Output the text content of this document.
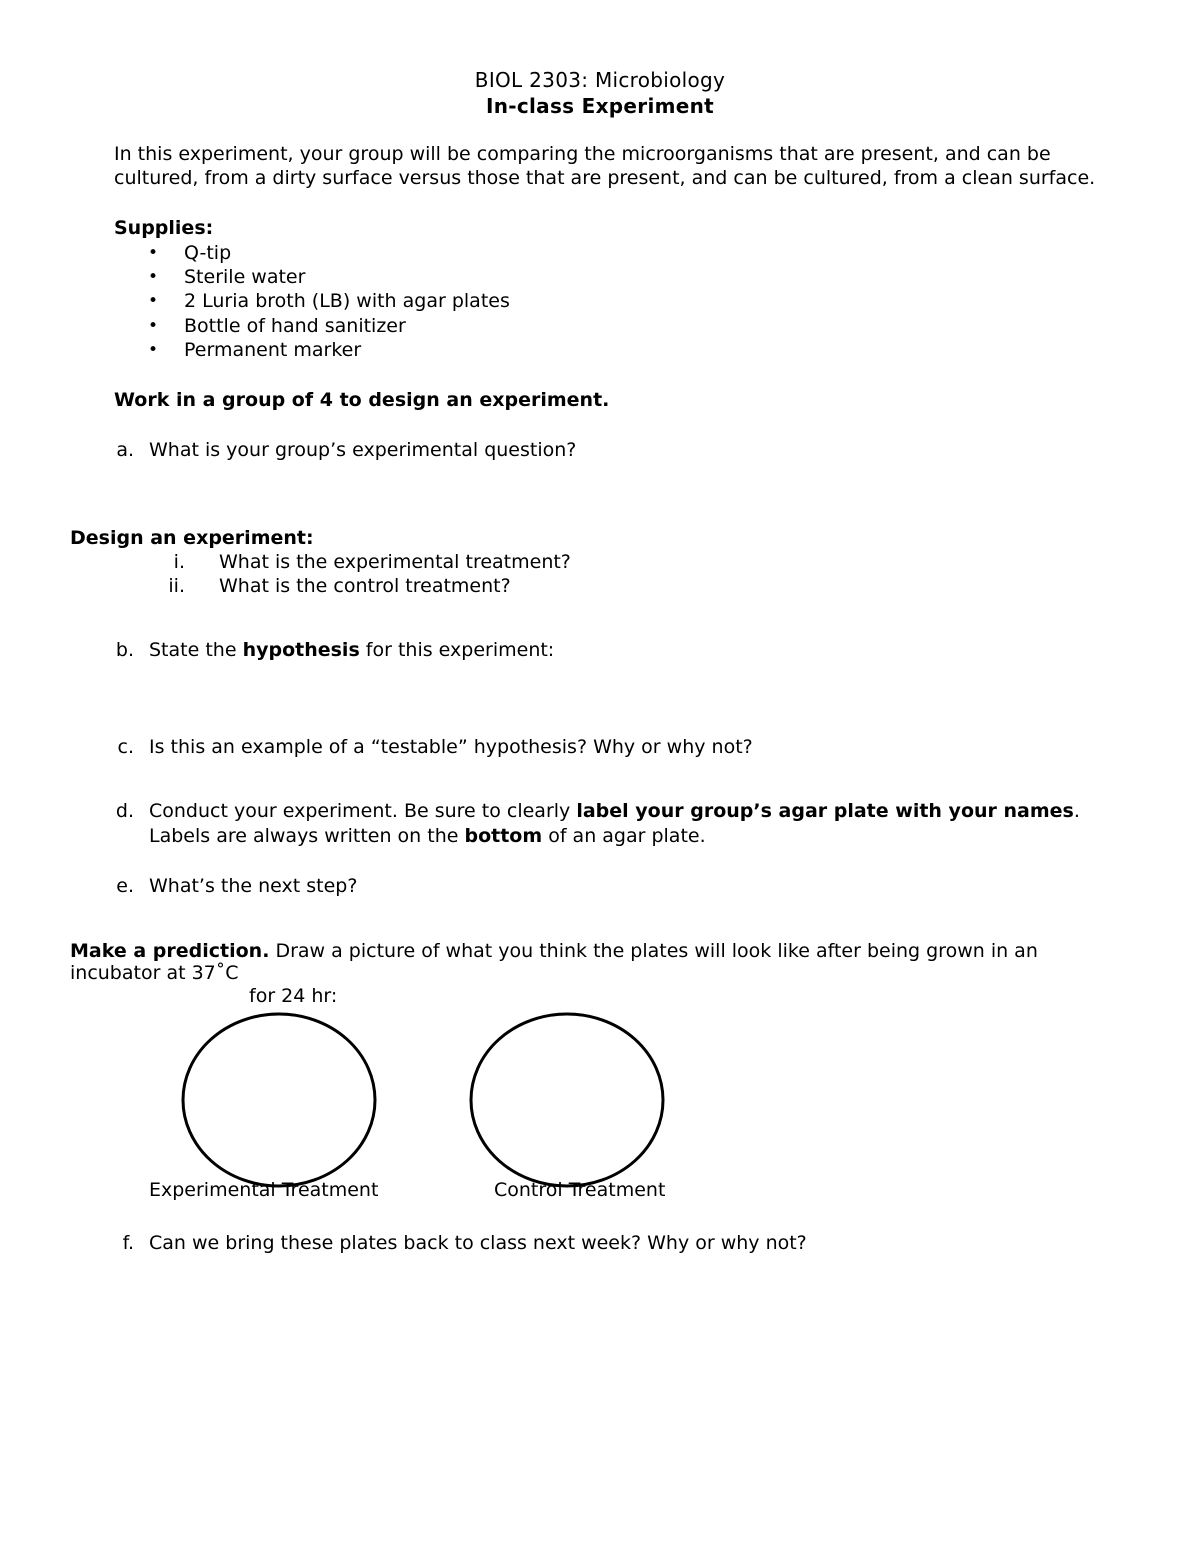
BIOL 2303: Microbiology
In-class Experiment
In this experiment, your group will be comparing the microorganisms that are present, and can be
cultured, from a dirty surface versus those that are present, and can be cultured, from a clean surface.
Supplies:
• Q-tip
• Sterile water
• 2 Luria broth (LB) with agar plates
• Bottle of hand sanitizer
• Permanent marker
Work in a group of 4 to design an experiment.
a. What is your group’s experimental question?
Design an experiment:
i. What is the experimental treatment?
ii. What is the control treatment?
b. State the hypothesis for this experiment:
c. Is this an example of a “testable” hypothesis? Why or why not?
d. Conduct your experiment. Be sure to clearly label your group’s agar plate with your names.
Labels are always written on the bottom of an agar plate.
e. What’s the next step?
Make a prediction. Draw a picture of what you think the plates will look like after being grown in an
incubator at 37˚C
for 24 hr:
Experimental Treatment	Control Treatment
f. Can we bring these plates back to class next week? Why or why not?
